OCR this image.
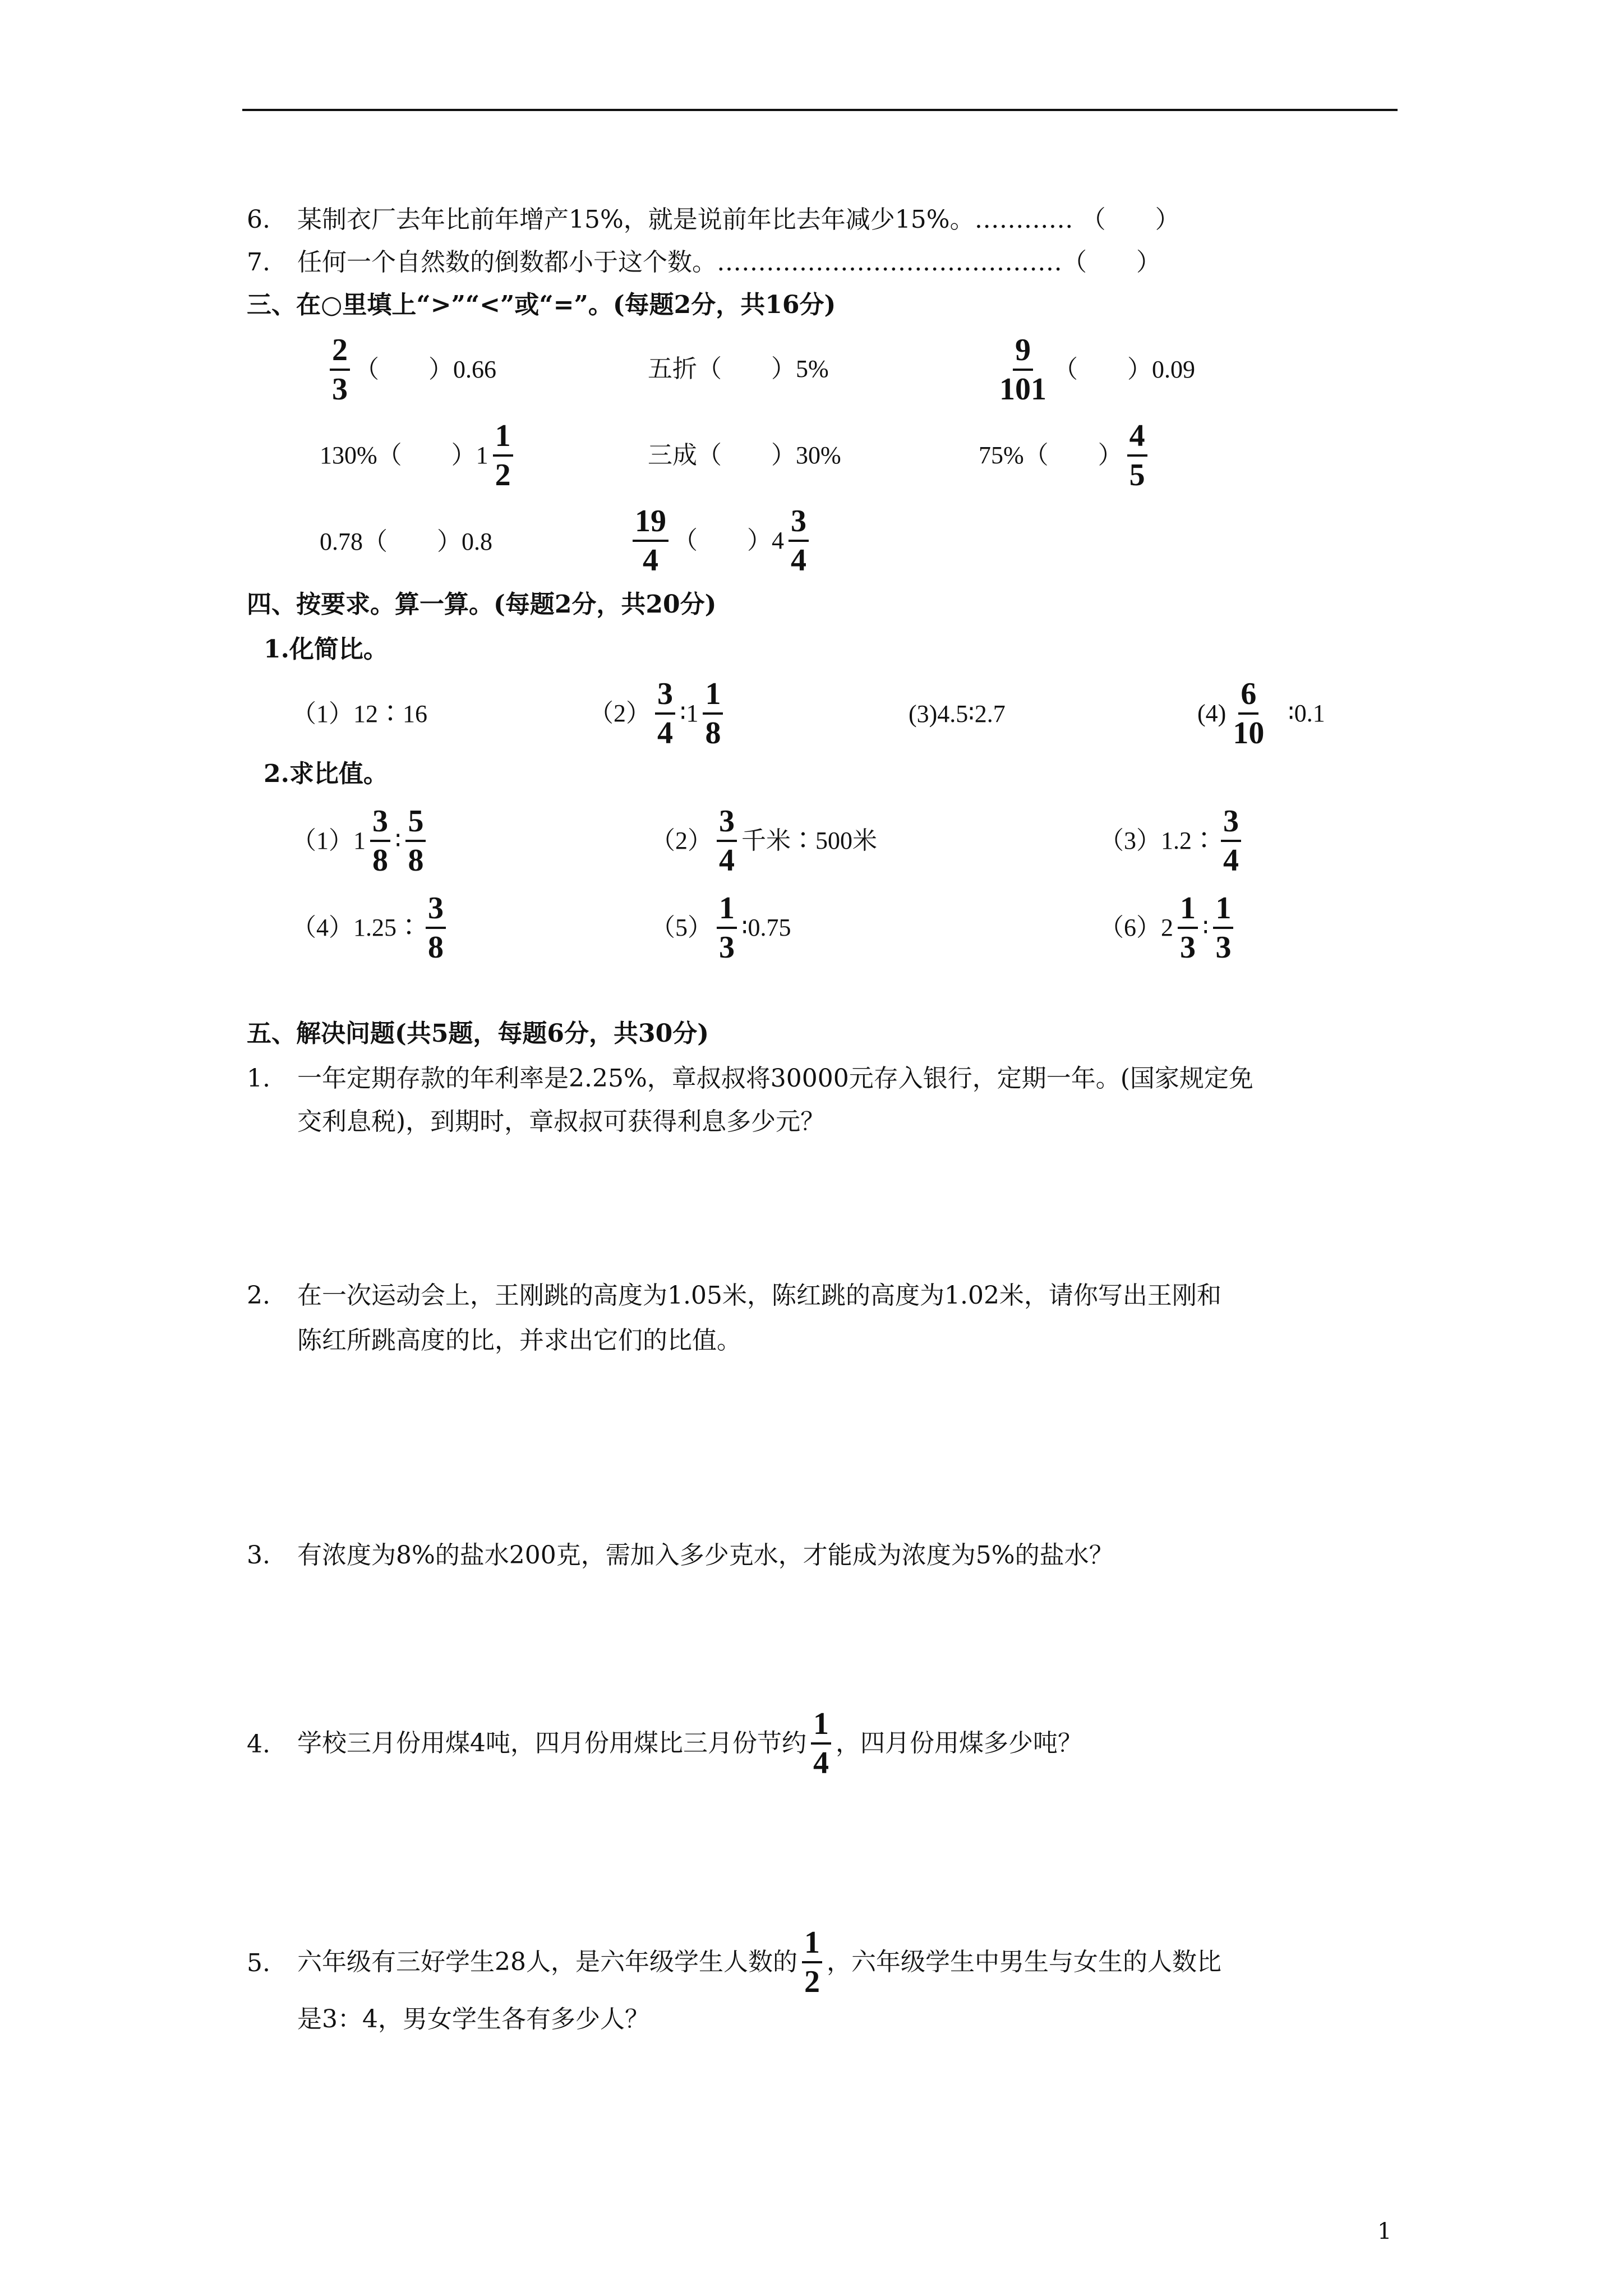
6. 某制衣厂去年比前年增产15%，就是说前年比去年减少15%。………… （　　）
7. 任何一个自然数的倒数都小于这个数。……………………………………（　　）
三、在○里填上“>”“<”或“=”。(每题2分，共16分)
$\frac{2}{3}$ （　　）0.66	五折（　　）5%	$\frac{9}{101}$ （　　）0.09
130%（　　）$1 \frac{1}{2}$	三成（　　）30%	75%（　　） $\frac{4}{5}$
0.78（　　）0.8	$\frac{19}{4}$ （　　）$4 \frac{3}{4}$
四、按要求。算一算。(每题2分，共20分)
1.化简比。
（1）12∶16	$(2) \frac{3}{4}$ ∶1 $\frac{1}{8}$	(3)4.5∶2.7	$(4) \frac{6}{10}$ ∶0.1
2.求比值。
$(1)1 \frac{3}{8}$ ∶ $\frac{5}{8}$	$(2) \frac{3}{4}$ 千米∶500米	（3）1.2∶ $\frac{3}{4}$
（4）1.25∶ $\frac{3}{8}$	$(5) \frac{1}{3}$ ∶0.75	$(6)2 \frac{1}{3}$ ∶ $\frac{1}{3}$
五、解决问题(共5题，每题6分，共30分)
1. 一年定期存款的年利率是2.25%，章叔叔将30000元存入银行，定期一年。(国家规定免
交利息税)，到期时，章叔叔可获得利息多少元？
2. 在一次运动会上，王刚跳的高度为1.05米，陈红跳的高度为1.02米，请你写出王刚和
陈红所跳高度的比，并求出它们的比值。
3. 有浓度为8%的盐水200克，需加入多少克水，才能成为浓度为5%的盐水？
4. 学校三月份用煤4吨，四月份用煤比三月份节约 $\frac{1}{4}$ ，四月份用煤多少吨？
5. 六年级有三好学生28人，是六年级学生人数的 $\frac{1}{2}$ ，六年级学生中男生与女生的人数比
是3：4，男女学生各有多少人？
1
